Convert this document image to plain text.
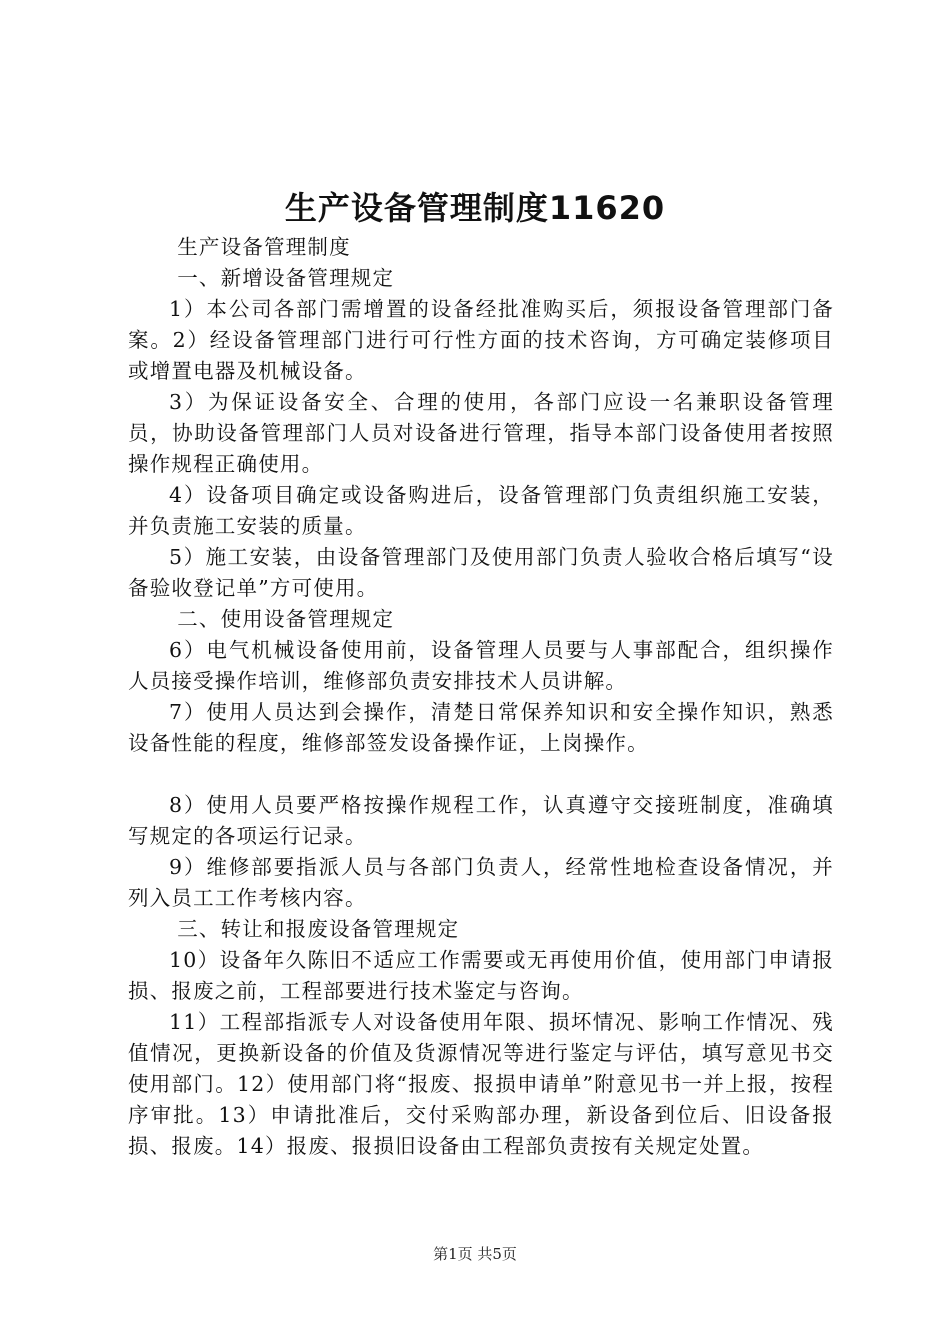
生产设备管理制度11620

生产设备管理制度

一、新增设备管理规定

1）本公司各部门需增置的设备经批准购买后，须报设备管理部门备案。2）经设备管理部门进行可行性方面的技术咨询，方可确定装修项目或增置电器及机械设备。

3）为保证设备安全、合理的使用，各部门应设一名兼职设备管理员，协助设备管理部门人员对设备进行管理，指导本部门设备使用者按照操作规程正确使用。

4）设备项目确定或设备购进后，设备管理部门负责组织施工安装，并负责施工安装的质量。

5）施工安装，由设备管理部门及使用部门负责人验收合格后填写“设备验收登记单”方可使用。

二、使用设备管理规定

6）电气机械设备使用前，设备管理人员要与人事部配合，组织操作人员接受操作培训，维修部负责安排技术人员讲解。

7）使用人员达到会操作，清楚日常保养知识和安全操作知识，熟悉设备性能的程度，维修部签发设备操作证，上岗操作。

8）使用人员要严格按操作规程工作，认真遵守交接班制度，准确填写规定的各项运行记录。

9）维修部要指派人员与各部门负责人，经常性地检查设备情况，并列入员工工作考核内容。

三、转让和报废设备管理规定

10）设备年久陈旧不适应工作需要或无再使用价值，使用部门申请报损、报废之前，工程部要进行技术鉴定与咨询。

11）工程部指派专人对设备使用年限、损坏情况、影响工作情况、残值情况，更换新设备的价值及货源情况等进行鉴定与评估，填写意见书交使用部门。12）使用部门将“报废、报损申请单”附意见书一并上报，按程序审批。13）申请批准后，交付采购部办理，新设备到位后、旧设备报损、报废。14）报废、报损旧设备由工程部负责按有关规定处置。

第1页 共5页
